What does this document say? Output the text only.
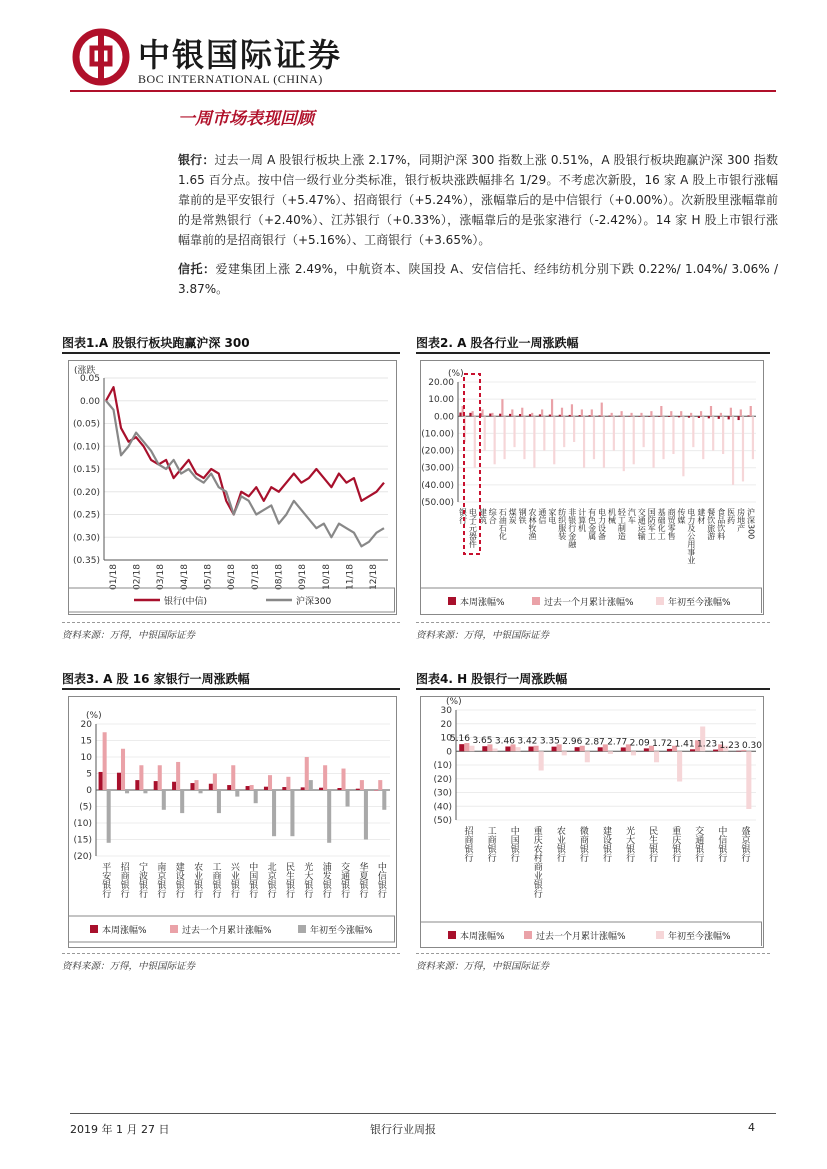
中银国际证券
BOC INTERNATIONAL (CHINA)
一周市场表现回顾
银行：过去一周 A 股银行板块上涨 2.17%，同期沪深 300 指数上涨 0.51%，A 股银行板块跑赢沪深 300 指数 1.65 百分点。按中信一级行业分类标准，银行板块涨跌幅排名 1/29。不考虑次新股，16 家 A 股上市银行涨幅靠前的是平安银行（+5.47%）、招商银行（+5.24%），涨幅靠后的是中信银行（+0.00%）。次新股里涨幅靠前的是常熟银行（+2.40%）、江苏银行（+0.33%），涨幅靠后的是张家港行（-2.42%）。14 家 H 股上市银行涨幅靠前的是招商银行（+5.16%）、工商银行（+3.65%）。
信托：爱建集团上涨 2.49%，中航资本、陕国投 A、安信信托、经纬纺机分别下跌 0.22%/ 1.04%/ 3.06% / 3.87%。
图表1.A 股银行板块跑赢沪深 300
(涨跌
0.05
0.00
(0.05)
(0.10)
(0.15)
(0.20)
(0.25)
(0.30)
(0.35)
01/18 02/18 03/18 04/18 05/18 06/18 07/18 08/18 09/18 10/18 11/18 12/18
银行(中信)	沪深300
资料来源：万得，中银国际证券
图表2. A 股各行业一周涨跌幅
(%)
20.00
10.00
0.00
(10.00)
(20.00)
(30.00)
(40.00)
(50.00)
银行 电子元器件 建筑 综合 石油石化 煤炭 钢铁 农林牧渔 通信 家电 纺织服装 非银行金融 计算机 有色金属 电力设备 机械 轻工制造 汽车 交通运输 国防军工 基础化工 商贸零售 传媒 电力及公用事业 建材 餐饮旅游 食品饮料 医药 房地产 沪深300
本周涨幅%	过去一个月累计涨幅%	年初至今涨幅%
资料来源：万得，中银国际证券
图表3. A 股 16 家银行一周涨跌幅
(%)
20
15
10
5
0
(5)
(10)
(15)
(20)
平安银行 招商银行 宁波银行 南京银行 建设银行 农业银行 工商银行 兴业银行 中国银行 北京银行 民生银行 光大银行 浦发银行 交通银行 华夏银行 中信银行
本周涨幅%	过去一个月累计涨幅%	年初至今涨幅%
资料来源：万得，中银国际证券
图表4. H 股银行一周涨跌幅
(%)
30
20
10
0
(10)
(20)
(30)
(40)
(50)
招商银行 工商银行 中国银行 重庆农村商业银行 农业银行 微商银行 建设银行 光大银行 民生银行 重庆银行 交通银行 中信银行 盛京银行
5.16 3.65 3.46 3.42 3.35 2.96 2.87 2.77 2.09 1.72 1.41 1.23 1.23 0.30
本周涨幅%	过去一个月累计涨幅%	年初至今涨幅%
资料来源：万得，中银国际证券
2019 年 1 月 27 日	银行行业周报	4
